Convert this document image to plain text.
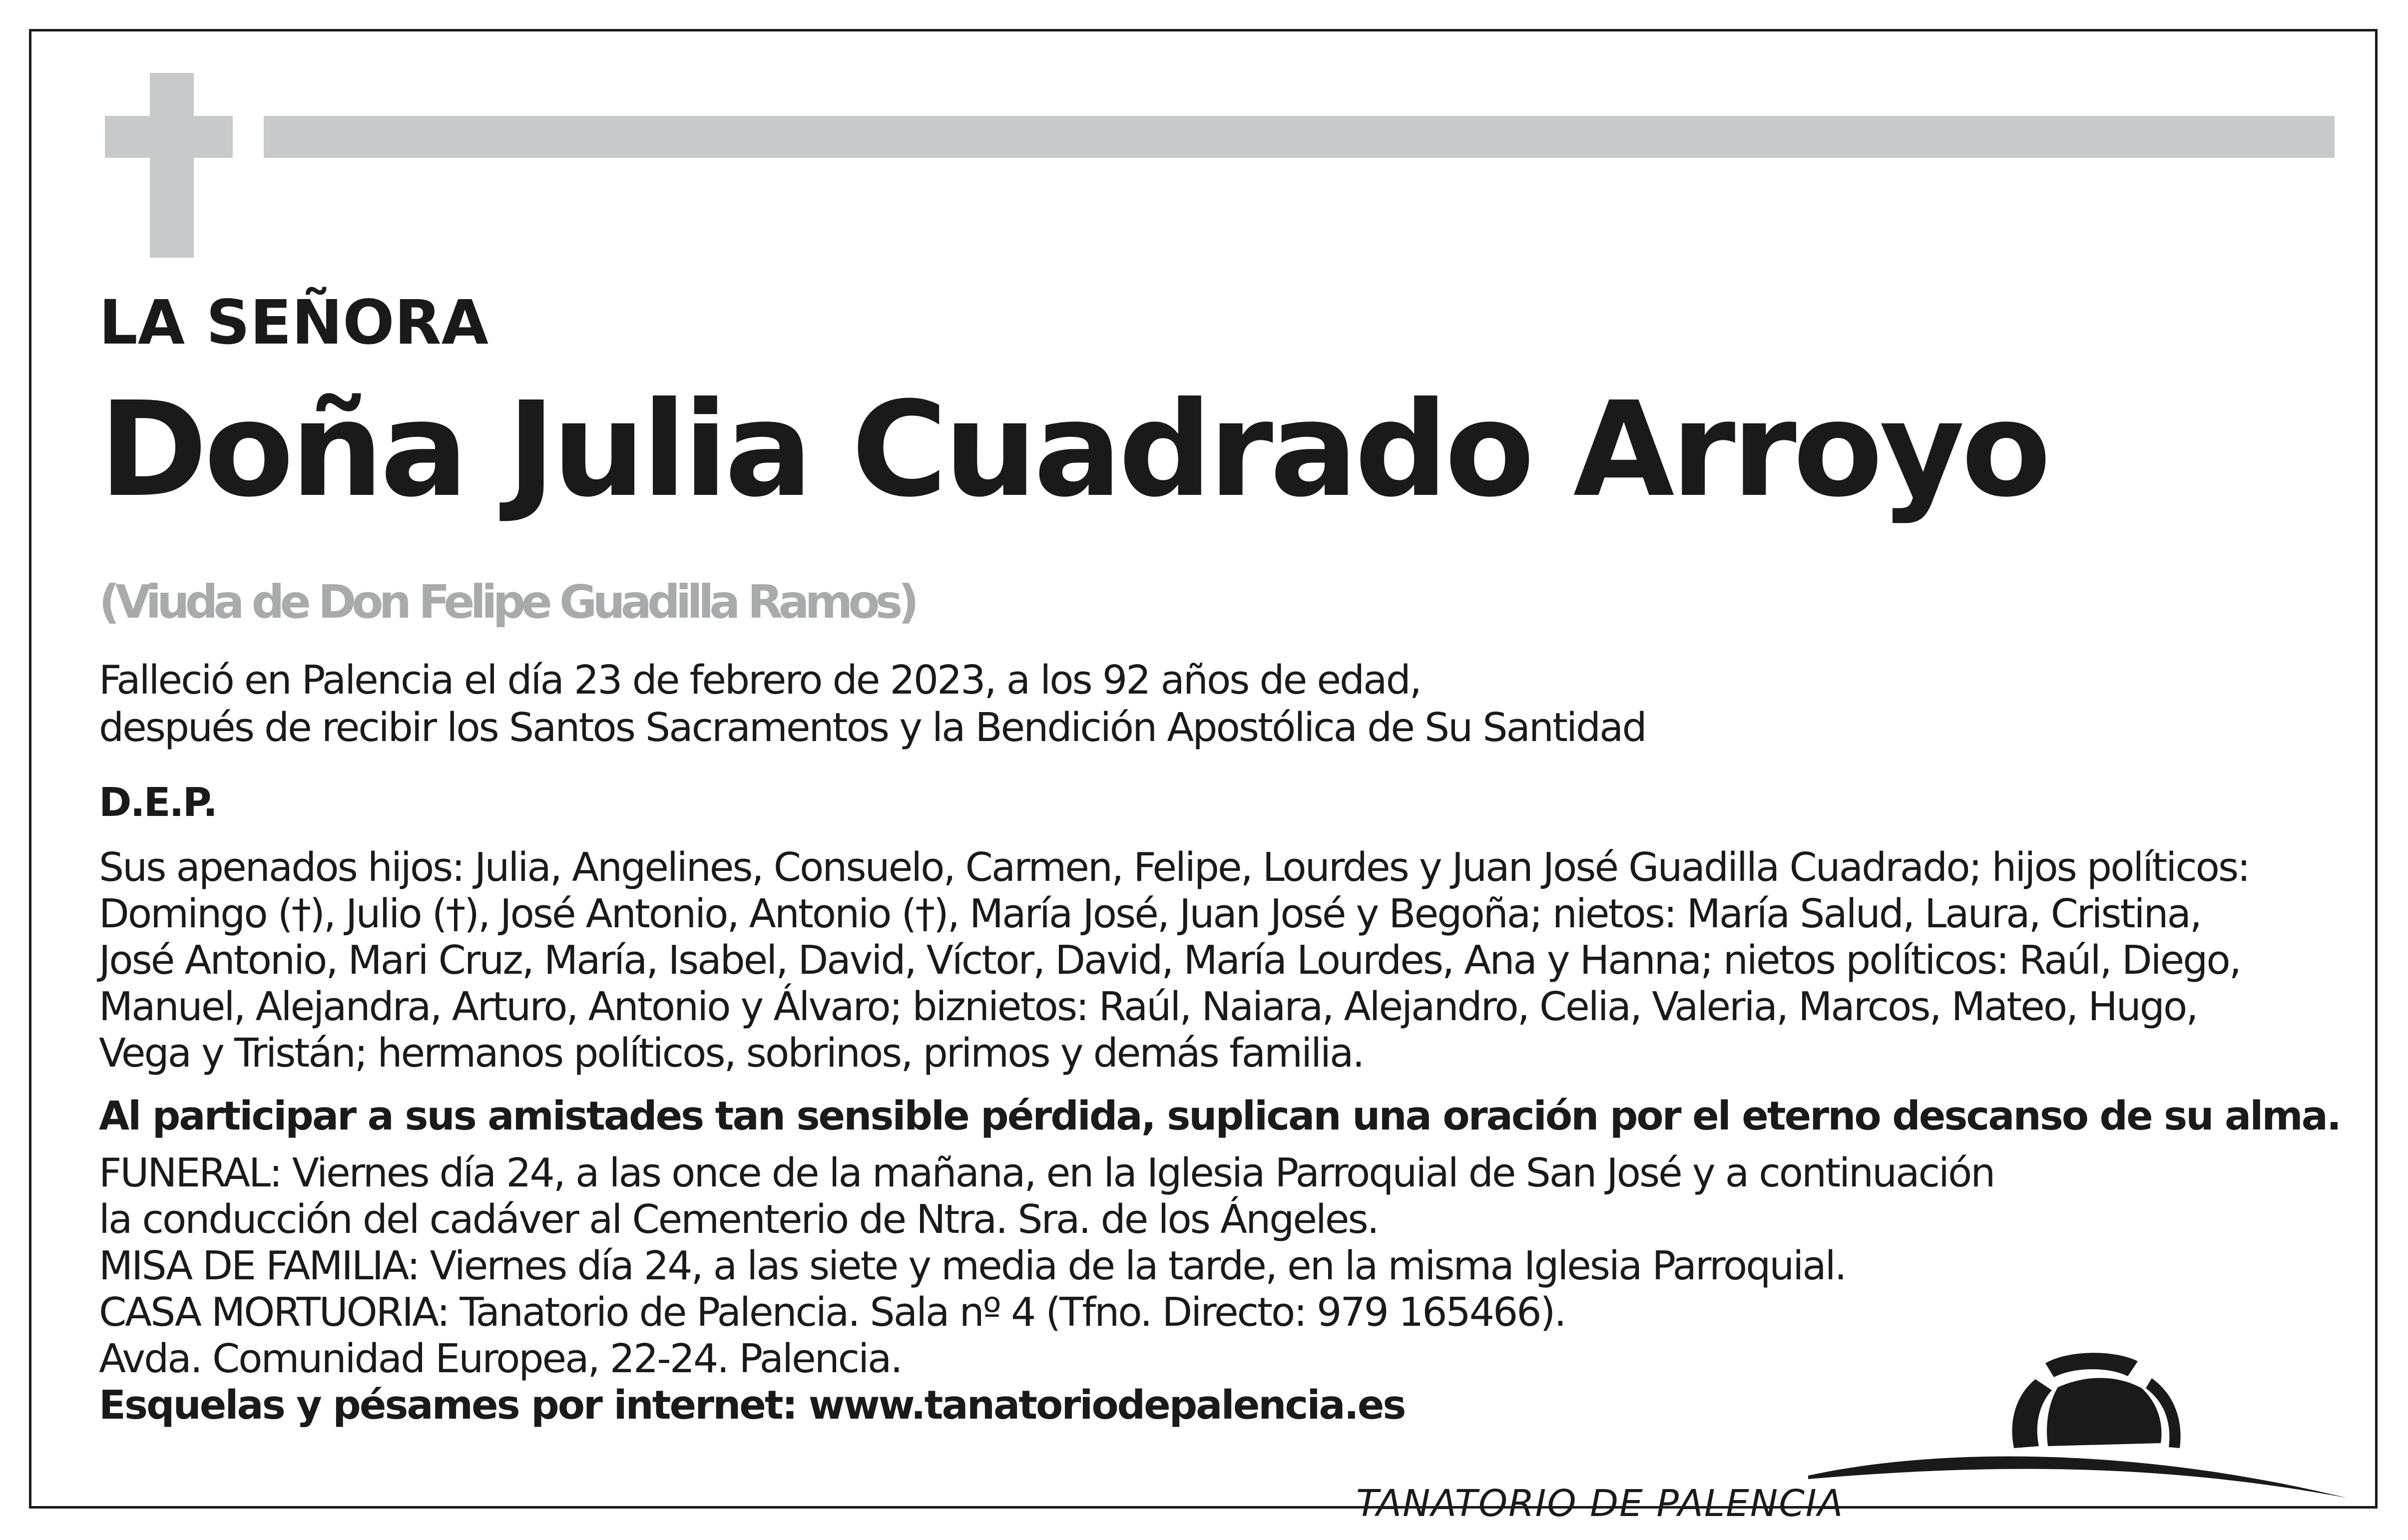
LA SEÑORA

Doña Julia Cuadrado Arroyo

(Viuda de Don Felipe Guadilla Ramos)

Falleció en Palencia el día 23 de febrero de 2023, a los 92 años de edad,

después de recibir los Santos Sacramentos y la Bendición Apostólica de Su Santidad

D.E.P.

Sus apenados hijos: Julia, Angelines, Consuelo, Carmen, Felipe, Lourdes y Juan José Guadilla Cuadrado; hijos políticos:

Domingo (†), Julio (†), José Antonio, Antonio (†), María José, Juan José y Begoña; nietos: María Salud, Laura, Cristina,

José Antonio, Mari Cruz, María, Isabel, David, Víctor, David, María Lourdes, Ana y Hanna; nietos políticos: Raúl, Diego,

Manuel, Alejandra, Arturo, Antonio y Álvaro; biznietos: Raúl, Naiara, Alejandro, Celia, Valeria, Marcos, Mateo, Hugo,

Vega y Tristán; hermanos políticos, sobrinos, primos y demás familia.

Al participar a sus amistades tan sensible pérdida, suplican una oración por el eterno descanso de su alma.

FUNERAL: Viernes día 24, a las once de la mañana, en la Iglesia Parroquial de San José y a continuación

la conducción del cadáver al Cementerio de Ntra. Sra. de los Ángeles.

MISA DE FAMILIA: Viernes día 24, a las siete y media de la tarde, en la misma Iglesia Parroquial.

CASA MORTUORIA: Tanatorio de Palencia. Sala nº 4 (Tfno. Directo: 979 165466).

Avda. Comunidad Europea, 22-24. Palencia.

Esquelas y pésames por internet: www.tanatoriodepalencia.es

TANATORIO DE PALENCIA
